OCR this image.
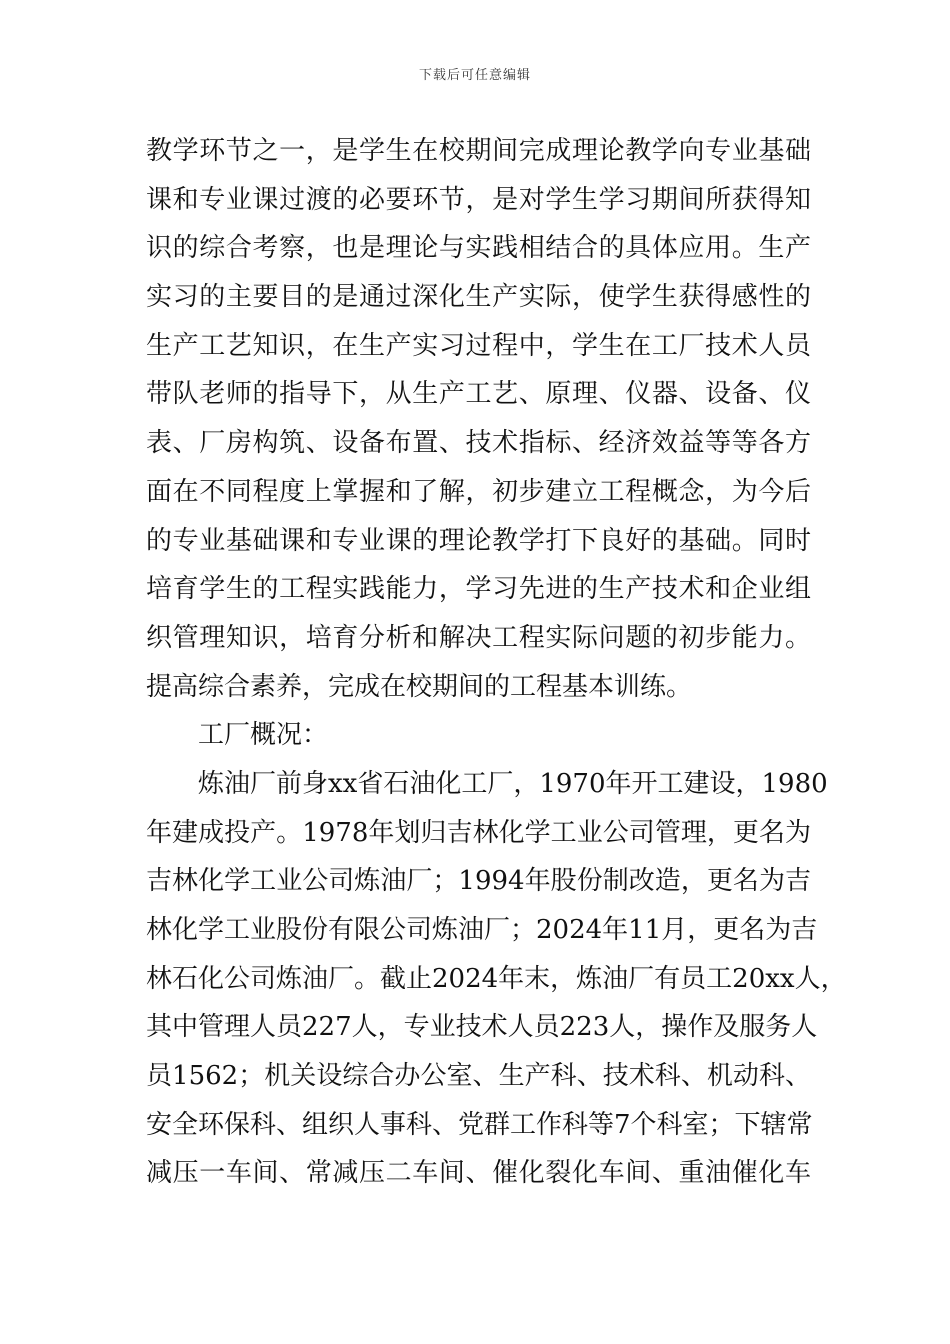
下载后可任意编辑
教学环节之一，是学生在校期间完成理论教学向专业基础
课和专业课过渡的必要环节，是对学生学习期间所获得知
识的综合考察，也是理论与实践相结合的具体应用。生产
实习的主要目的是通过深化生产实际，使学生获得感性的
生产工艺知识，在生产实习过程中，学生在工厂技术人员
带队老师的指导下，从生产工艺、原理、仪器、设备、仪
表、厂房构筑、设备布置、技术指标、经济效益等等各方
面在不同程度上掌握和了解，初步建立工程概念，为今后
的专业基础课和专业课的理论教学打下良好的基础。同时
培育学生的工程实践能力，学习先进的生产技术和企业组
织管理知识，培育分析和解决工程实际问题的初步能力。
提高综合素养，完成在校期间的工程基本训练。
工厂概况：
炼油厂前身xx省石油化工厂，1970年开工建设，1980
年建成投产。1978年划归吉林化学工业公司管理，更名为
吉林化学工业公司炼油厂；1994年股份制改造，更名为吉
林化学工业股份有限公司炼油厂；2024年11月，更名为吉
林石化公司炼油厂。截止2024年末，炼油厂有员工20xx人，
其中管理人员227人，专业技术人员223人，操作及服务人
员1562；机关设综合办公室、生产科、技术科、机动科、
安全环保科、组织人事科、党群工作科等7个科室；下辖常
减压一车间、常减压二车间、催化裂化车间、重油催化车
